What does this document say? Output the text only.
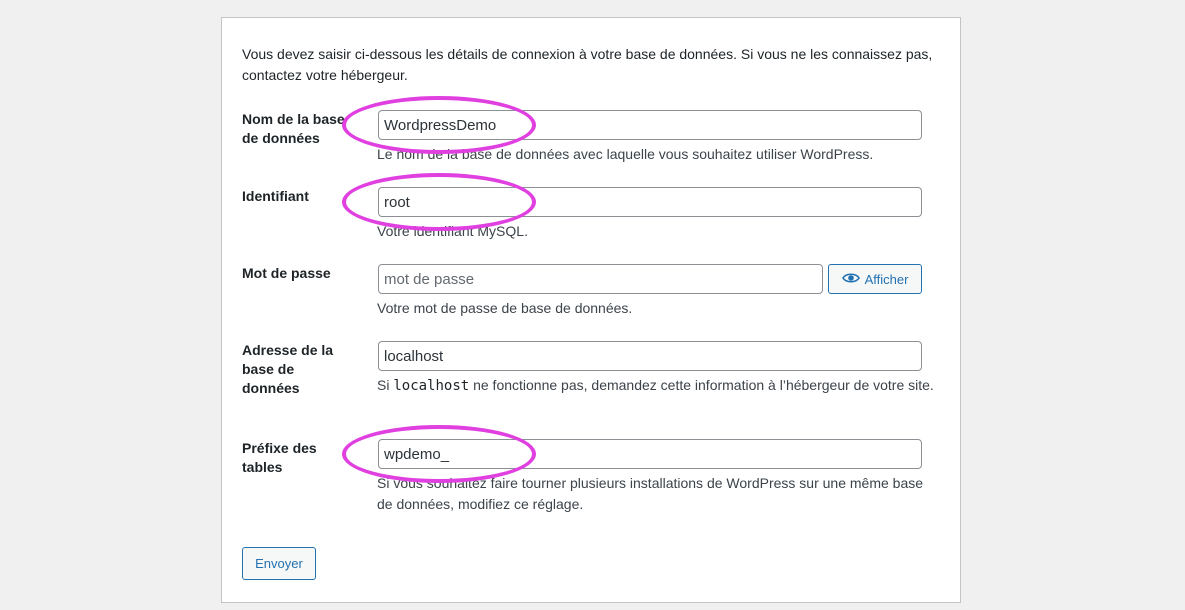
Vous devez saisir ci-dessous les détails de connexion à votre base de données. Si vous ne les connaissez pas, contactez votre hébergeur.

Nom de la base de données
WordpressDemo

Le nom de la base de données avec laquelle vous souhaitez utiliser WordPress.

Identifiant
root

Votre identifiant MySQL.

Mot de passe
mot de passe	Afficher

Votre mot de passe de base de données.

Adresse de la base de données
localhost	Si localhost ne fonctionne pas, demandez cette information à l’hébergeur de votre site.

Préfixe des tables
wpdemo_

Si vous souhaitez faire tourner plusieurs installations de WordPress sur une même base de données, modifiez ce réglage.

Envoyer
